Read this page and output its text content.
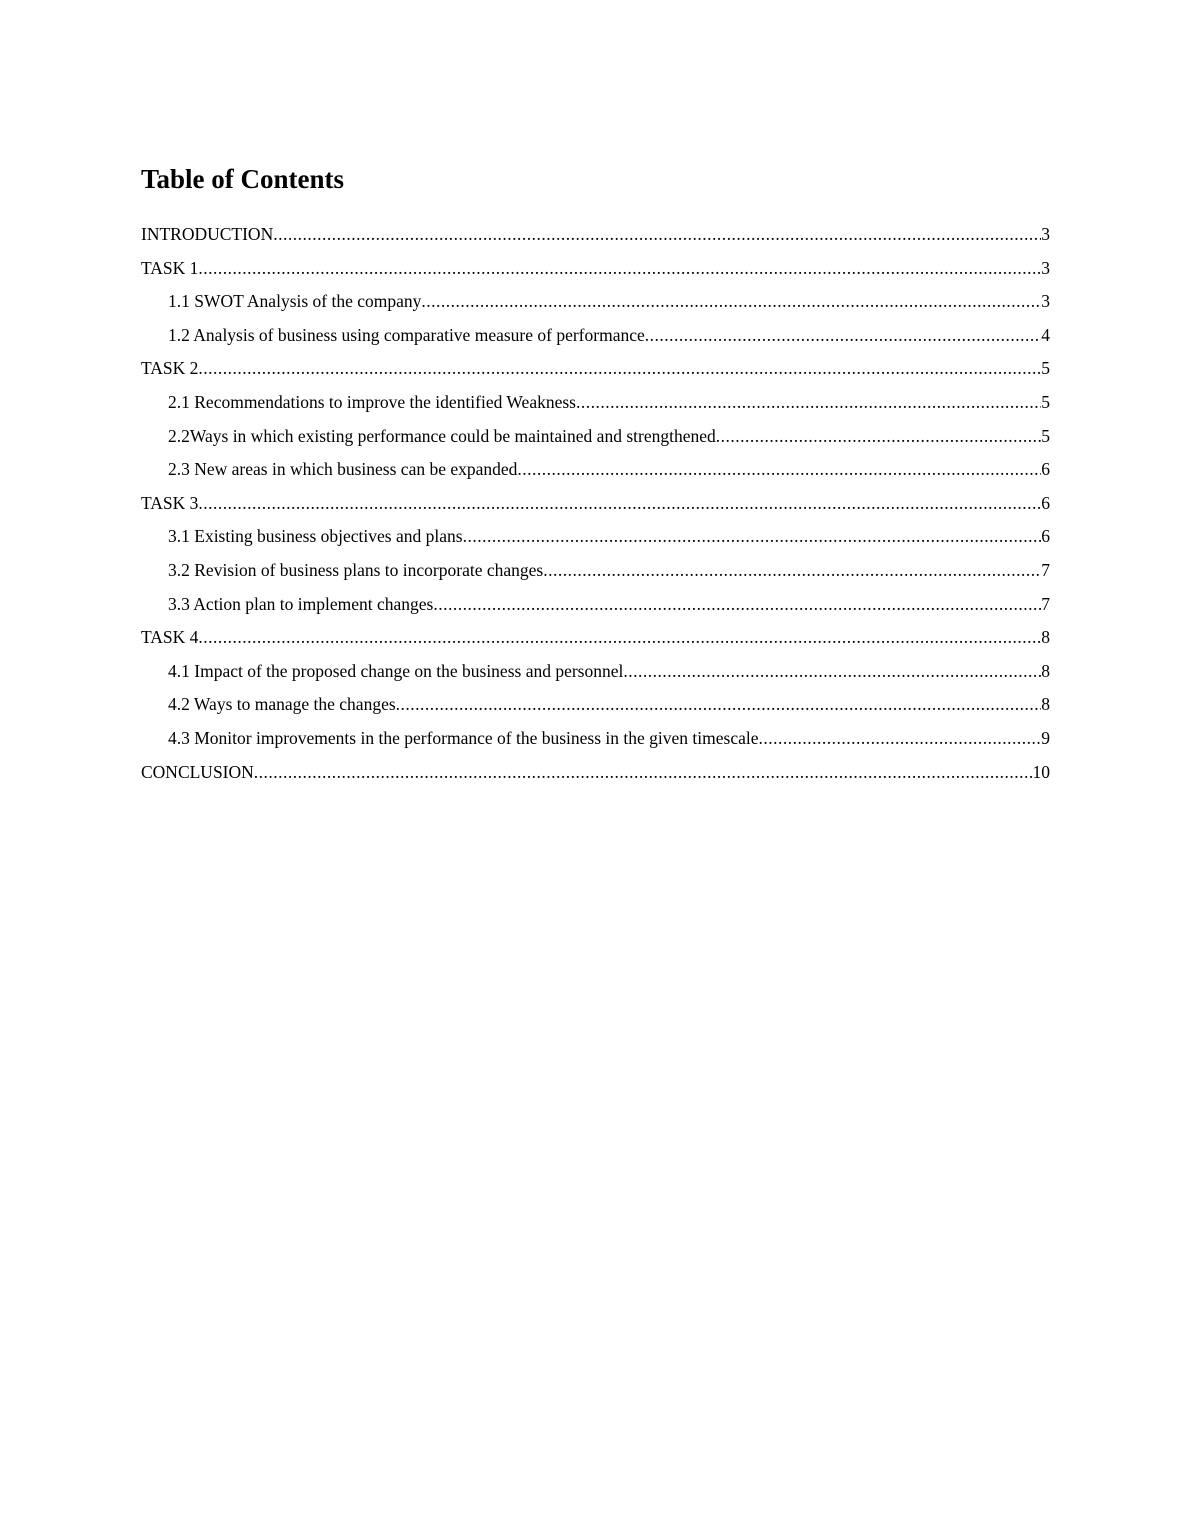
Table of Contents
INTRODUCTION .....	3
TASK 1 .....	3
1.1 SWOT Analysis of the company .....	3
1.2 Analysis of business using comparative measure of performance .....	4
TASK 2 .....	5
2.1 Recommendations to improve the identified Weakness .....	5
2.2Ways in which existing performance could be maintained and strengthened .....	5
2.3 New areas in which business can be expanded .....	6
TASK 3 .....	6
3.1 Existing business objectives and plans .....	6
3.2 Revision of business plans to incorporate changes .....	7
3.3 Action plan to implement changes .....	7
TASK 4 .....	8
4.1 Impact of the proposed change on the business and personnel .....	8
4.2 Ways to manage the changes .....	8
4.3 Monitor improvements in the performance of the business in the given timescale .....	9
CONCLUSION .....	10
